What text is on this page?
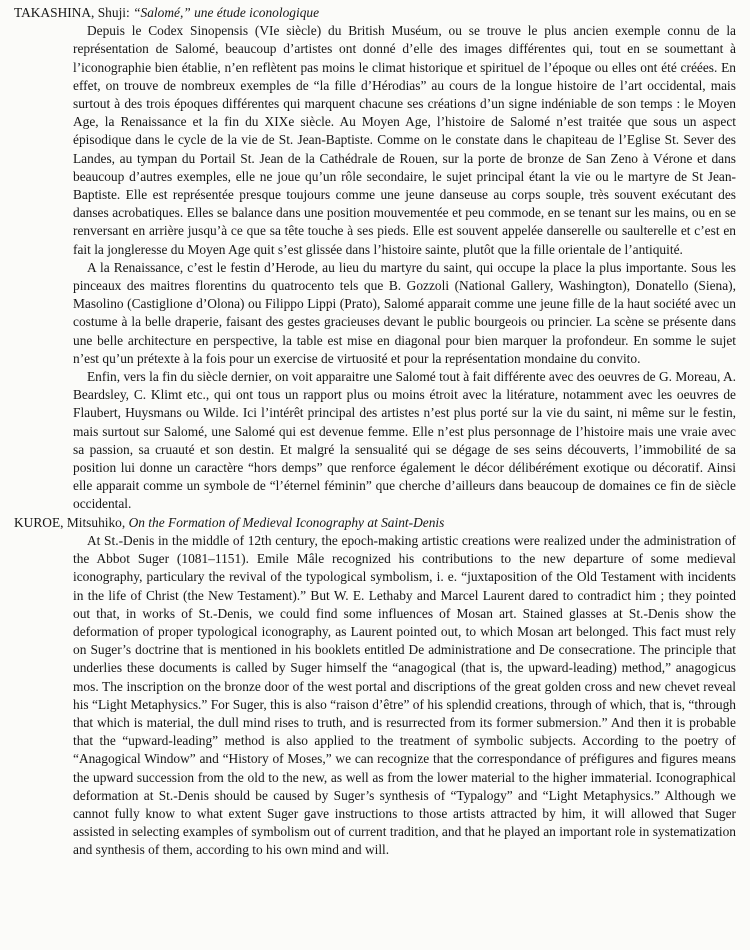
TAKASHINA, Shuji: “Salomé,” une étude iconologique

Depuis le Codex Sinopensis (VIe siècle) du British Muséum, ou se trouve le plus ancien exemple connu de la représentation de Salomé, beaucoup d’artistes ont donné d’elle des images différentes qui, tout en se soumettant à l’iconographie bien établie, n’en reflètent pas moins le climat historique et spirituel de l’époque ou elles ont été créées. En effet, on trouve de nombreux exemples de “la fille d’Hérodias” au cours de la longue histoire de l’art occidental, mais surtout à des trois époques différentes qui marquent chacune ses créations d’un signe indéniable de son temps : le Moyen Age, la Renaissance et la fin du XIXe siècle. Au Moyen Age, l’histoire de Salomé n’est traitée que sous un aspect épisodique dans le cycle de la vie de St. Jean-Baptiste. Comme on le constate dans le chapiteau de l’Eglise St. Sever des Landes, au tympan du Portail St. Jean de la Cathédrale de Rouen, sur la porte de bronze de San Zeno à Vérone et dans beaucoup d’autres exemples, elle ne joue qu’un rôle secondaire, le sujet principal étant la vie ou le martyre de St Jean-Baptiste. Elle est représentée presque toujours comme une jeune danseuse au corps souple, très souvent exécutant des danses acrobatiques. Elles se balance dans une position mouvementée et peu commode, en se tenant sur les mains, ou en se renversant en arrière jusqu’à ce que sa tête touche à ses pieds. Elle est souvent appelée danserelle ou saulterelle et c’est en fait la jongleresse du Moyen Age quit s’est glissée dans l’histoire sainte, plutôt que la fille orientale de l’antiquité.

A la Renaissance, c’est le festin d’Herode, au lieu du martyre du saint, qui occupe la place la plus importante. Sous les pinceaux des maitres florentins du quatrocento tels que B. Gozzoli (National Gallery, Washington), Donatello (Siena), Masolino (Castiglione d’Olona) ou Filippo Lippi (Prato), Salomé apparait comme une jeune fille de la haut société avec un costume à la belle draperie, faisant des gestes gracieuses devant le public bourgeois ou princier. La scène se présente dans une belle architecture en perspective, la table est mise en diagonal pour bien marquer la profondeur. En somme le sujet n’est qu’un prétexte à la fois pour un exercise de virtuosité et pour la représentation mondaine du convito.

Enfin, vers la fin du siècle dernier, on voit apparaitre une Salomé tout à fait différente avec des oeuvres de G. Moreau, A. Beardsley, C. Klimt etc., qui ont tous un rapport plus ou moins étroit avec la litérature, notamment avec les oeuvres de Flaubert, Huysmans ou Wilde. Ici l’intérêt principal des artistes n’est plus porté sur la vie du saint, ni même sur le festin, mais surtout sur Salomé, une Salomé qui est devenue femme. Elle n’est plus personnage de l’histoire mais une vraie avec sa passion, sa cruauté et son destin. Et malgré la sensualité qui se dégage de ses seins découverts, l’immobilité de sa position lui donne un caractère “hors demps” que renforce également le décor délibérément exotique ou décoratif. Ainsi elle apparait comme un symbole de “l’éternel féminin” que cherche d’ailleurs dans beaucoup de domaines ce fin de siècle occidental.

KUROE, Mitsuhiko, On the Formation of Medieval Iconography at Saint-Denis

At St.-Denis in the middle of 12th century, the epoch-making artistic creations were realized under the administration of the Abbot Suger (1081–1151). Emile Mâle recognized his contributions to the new departure of some medieval iconography, particulary the revival of the typological symbolism, i. e. “juxtaposition of the Old Testament with incidents in the life of Christ (the New Testament).” But W. E. Lethaby and Marcel Laurent dared to contradict him ; they pointed out that, in works of St.-Denis, we could find some influences of Mosan art. Stained glasses at St.-Denis show the deformation of proper typological iconography, as Laurent pointed out, to which Mosan art belonged. This fact must rely on Suger’s doctrine that is mentioned in his booklets entitled De administratione and De consecratione. The principle that underlies these documents is called by Suger himself the “anagogical (that is, the upward-leading) method,” anagogicus mos. The inscription on the bronze door of the west portal and discriptions of the great golden cross and new chevet reveal his “Light Metaphysics.” For Suger, this is also “raison d’être” of his splendid creations, through of which, that is, “through that which is material, the dull mind rises to truth, and is resurrected from its former submersion.” And then it is probable that the “upward-leading” method is also applied to the treatment of symbolic subjects. According to the poetry of “Anagogical Window” and “History of Moses,” we can recognize that the correspondance of préfigures and figures means the upward succession from the old to the new, as well as from the lower material to the higher immaterial. Iconographical deformation at St.-Denis should be caused by Suger’s synthesis of “Typalogy” and “Light Metaphysics.” Although we cannot fully know to what extent Suger gave instructions to those artists attracted by him, it will allowed that Suger assisted in selecting examples of symbolism out of current tradition, and that he played an important role in systematization and synthesis of them, according to his own mind and will.
